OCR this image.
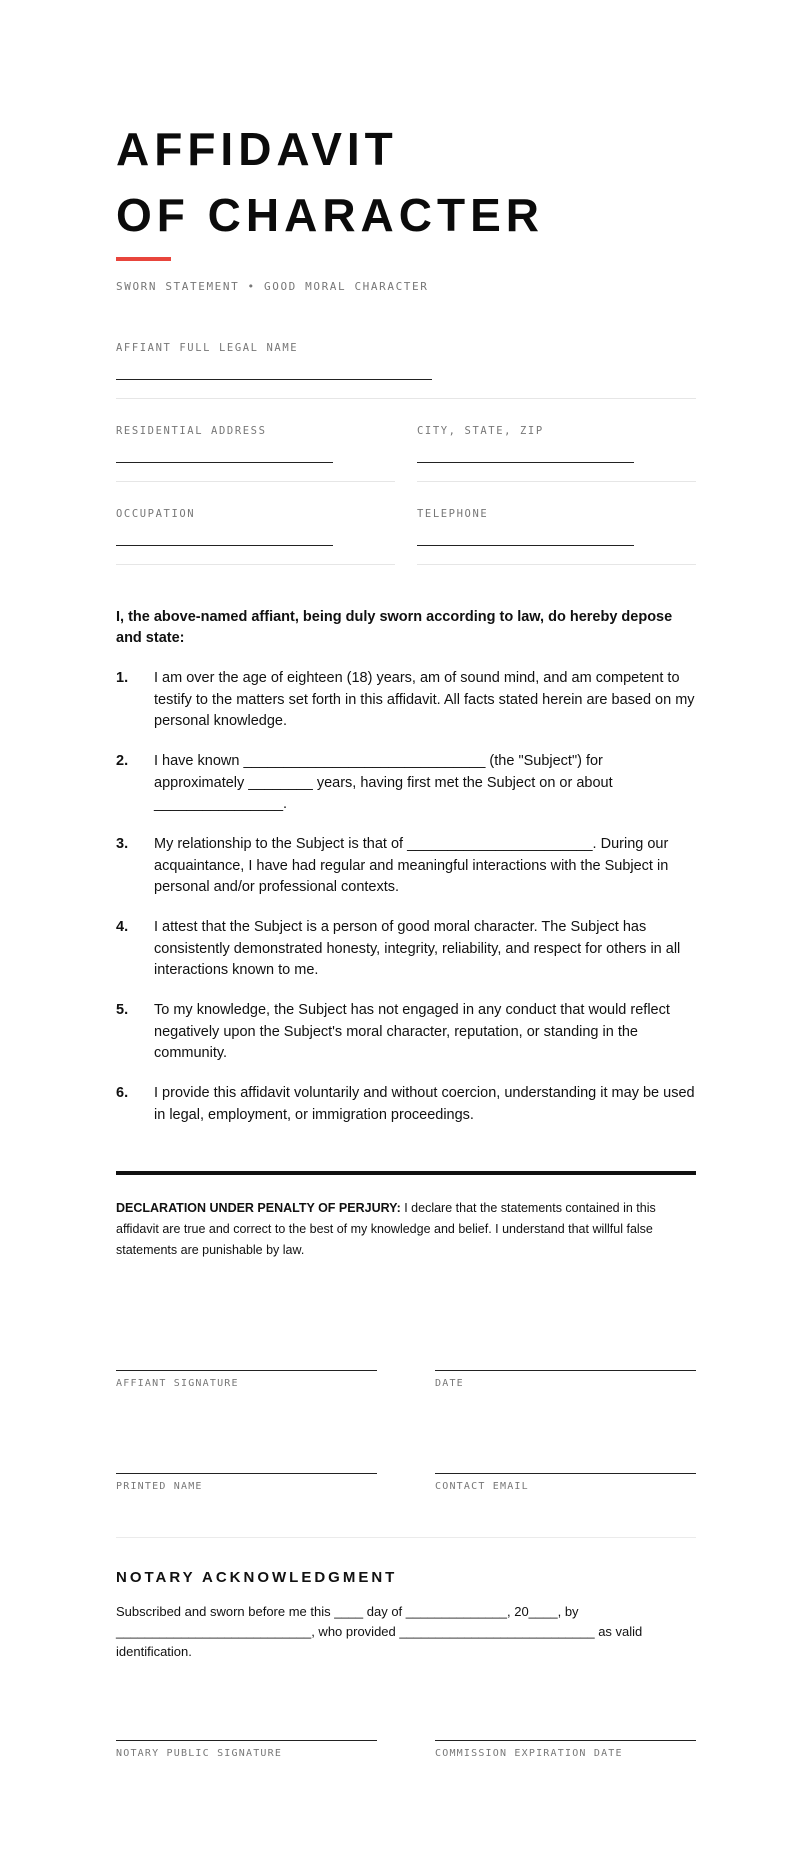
AFFIDAVIT
OF CHARACTER
SWORN STATEMENT • GOOD MORAL CHARACTER
AFFIANT FULL LEGAL NAME
RESIDENTIAL ADDRESS	CITY, STATE, ZIP
OCCUPATION	TELEPHONE
I, the above-named affiant, being duly sworn according to law, do hereby depose and state:
1. I am over the age of eighteen (18) years, am of sound mind, and am competent to testify to the matters set forth in this affidavit. All facts stated herein are based on my personal knowledge.
2. I have known ______________________________ (the "Subject") for approximately ________ years, having first met the Subject on or about ________________.
3. My relationship to the Subject is that of _______________________. During our acquaintance, I have had regular and meaningful interactions with the Subject in personal and/or professional contexts.
4. I attest that the Subject is a person of good moral character. The Subject has consistently demonstrated honesty, integrity, reliability, and respect for others in all interactions known to me.
5. To my knowledge, the Subject has not engaged in any conduct that would reflect negatively upon the Subject's moral character, reputation, or standing in the community.
6. I provide this affidavit voluntarily and without coercion, understanding it may be used in legal, employment, or immigration proceedings.
DECLARATION UNDER PENALTY OF PERJURY: I declare that the statements contained in this affidavit are true and correct to the best of my knowledge and belief. I understand that willful false statements are punishable by law.
AFFIANT SIGNATURE	DATE
PRINTED NAME	CONTACT EMAIL
NOTARY ACKNOWLEDGMENT
Subscribed and sworn before me this ____ day of ______________, 20____, by ___________________________, who provided ___________________________ as valid identification.
NOTARY PUBLIC SIGNATURE	COMMISSION EXPIRATION DATE
